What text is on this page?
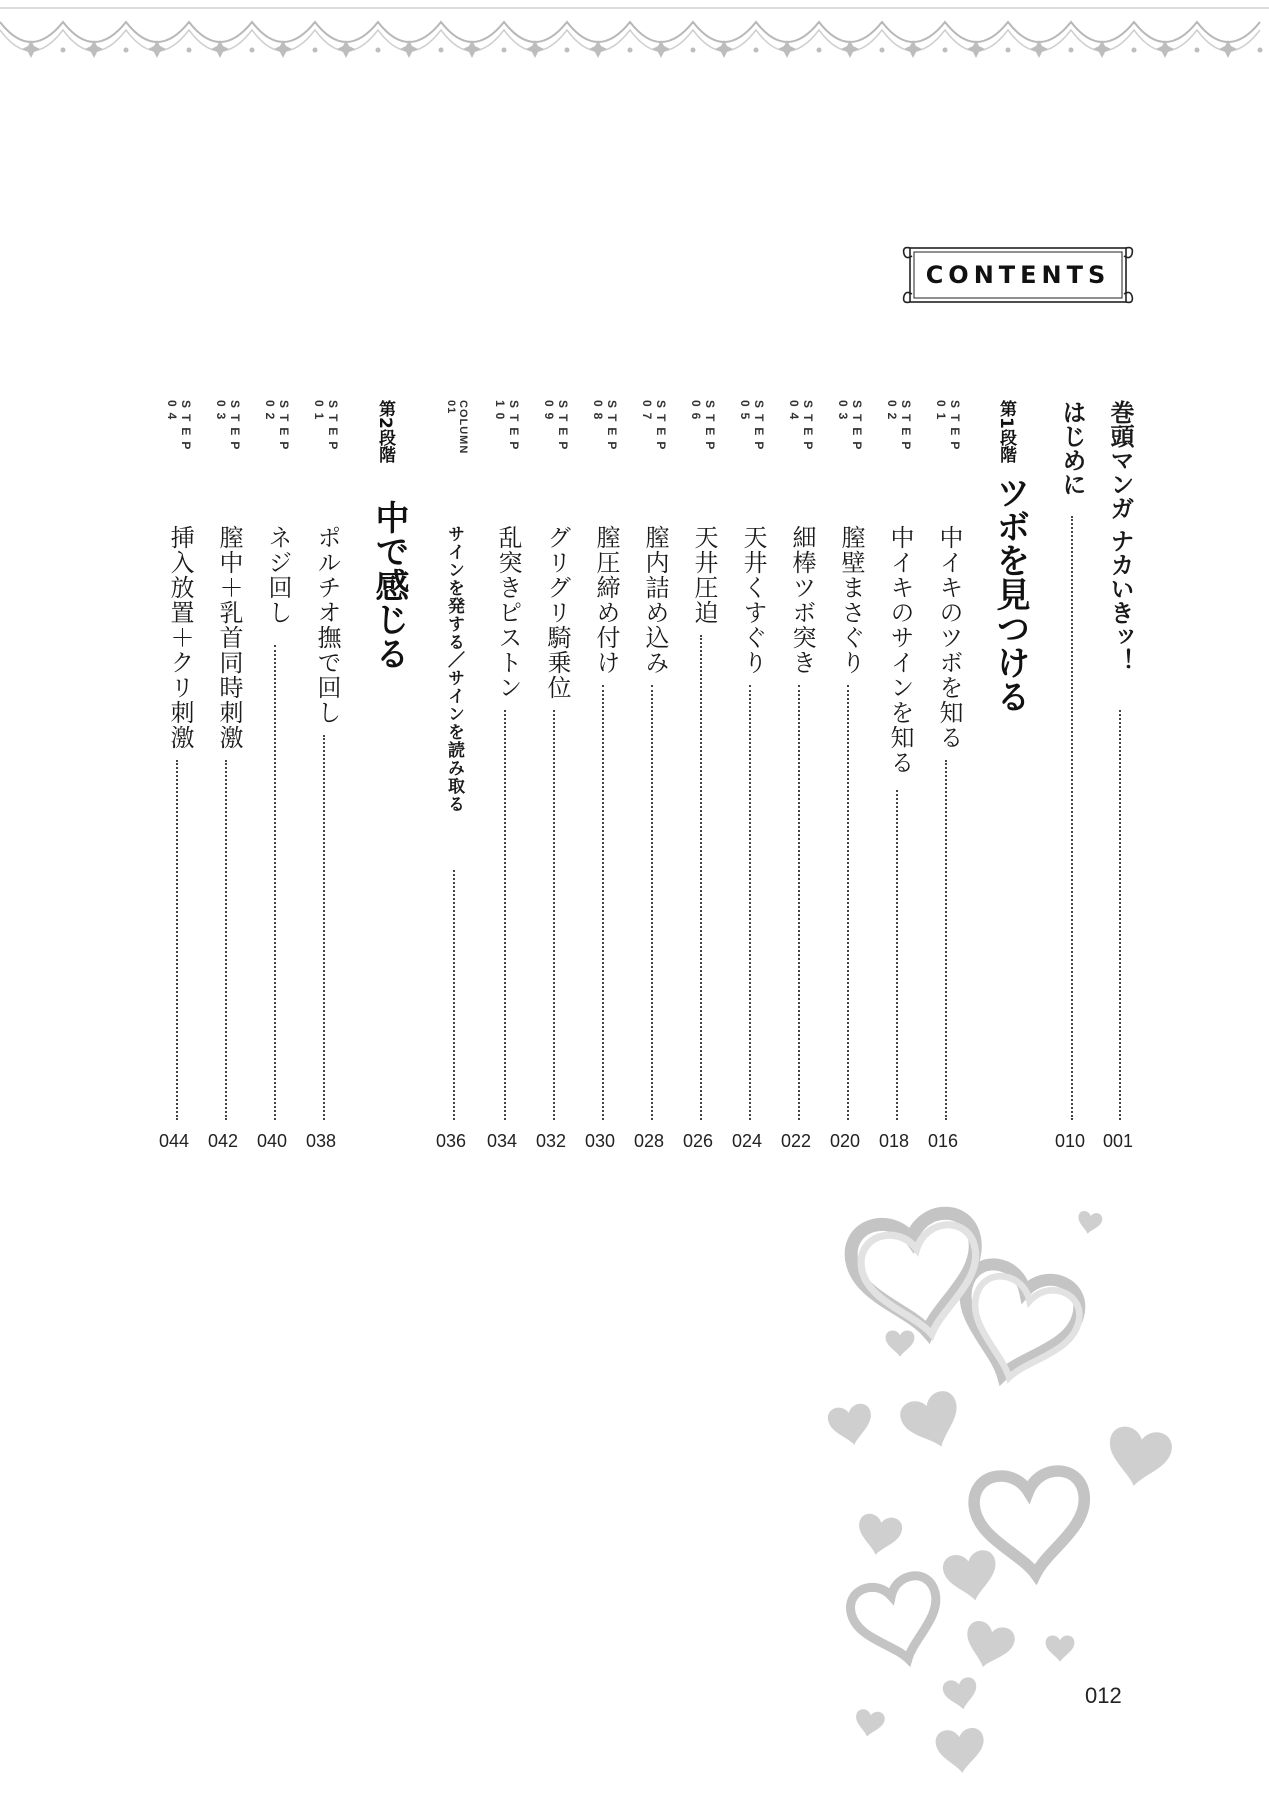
CONTENTS
巻頭マンガ ナカいきッ！
001
はじめに
010
第1段階
ツボを見つける
STEP 01
中イキのツボを知る
016
STEP 02
中イキのサインを知る
018
STEP 03
膣壁まさぐり
020
STEP 04
細棒ツボ突き
022
STEP 05
天井くすぐり
024
STEP 06
天井圧迫
026
STEP 07
膣内詰め込み
028
STEP 08
膣圧締め付け
030
STEP 09
グリグリ騎乗位
032
STEP 10
乱突きピストン
034
COLUMN 01
サインを発する／サインを読み取る
036
第2段階
中で感じる
STEP 01
ポルチオ撫で回し
038
STEP 02
ネジ回し
040
STEP 03
膣中＋乳首同時刺激
042
STEP 04
挿入放置＋クリ刺激
044
012
